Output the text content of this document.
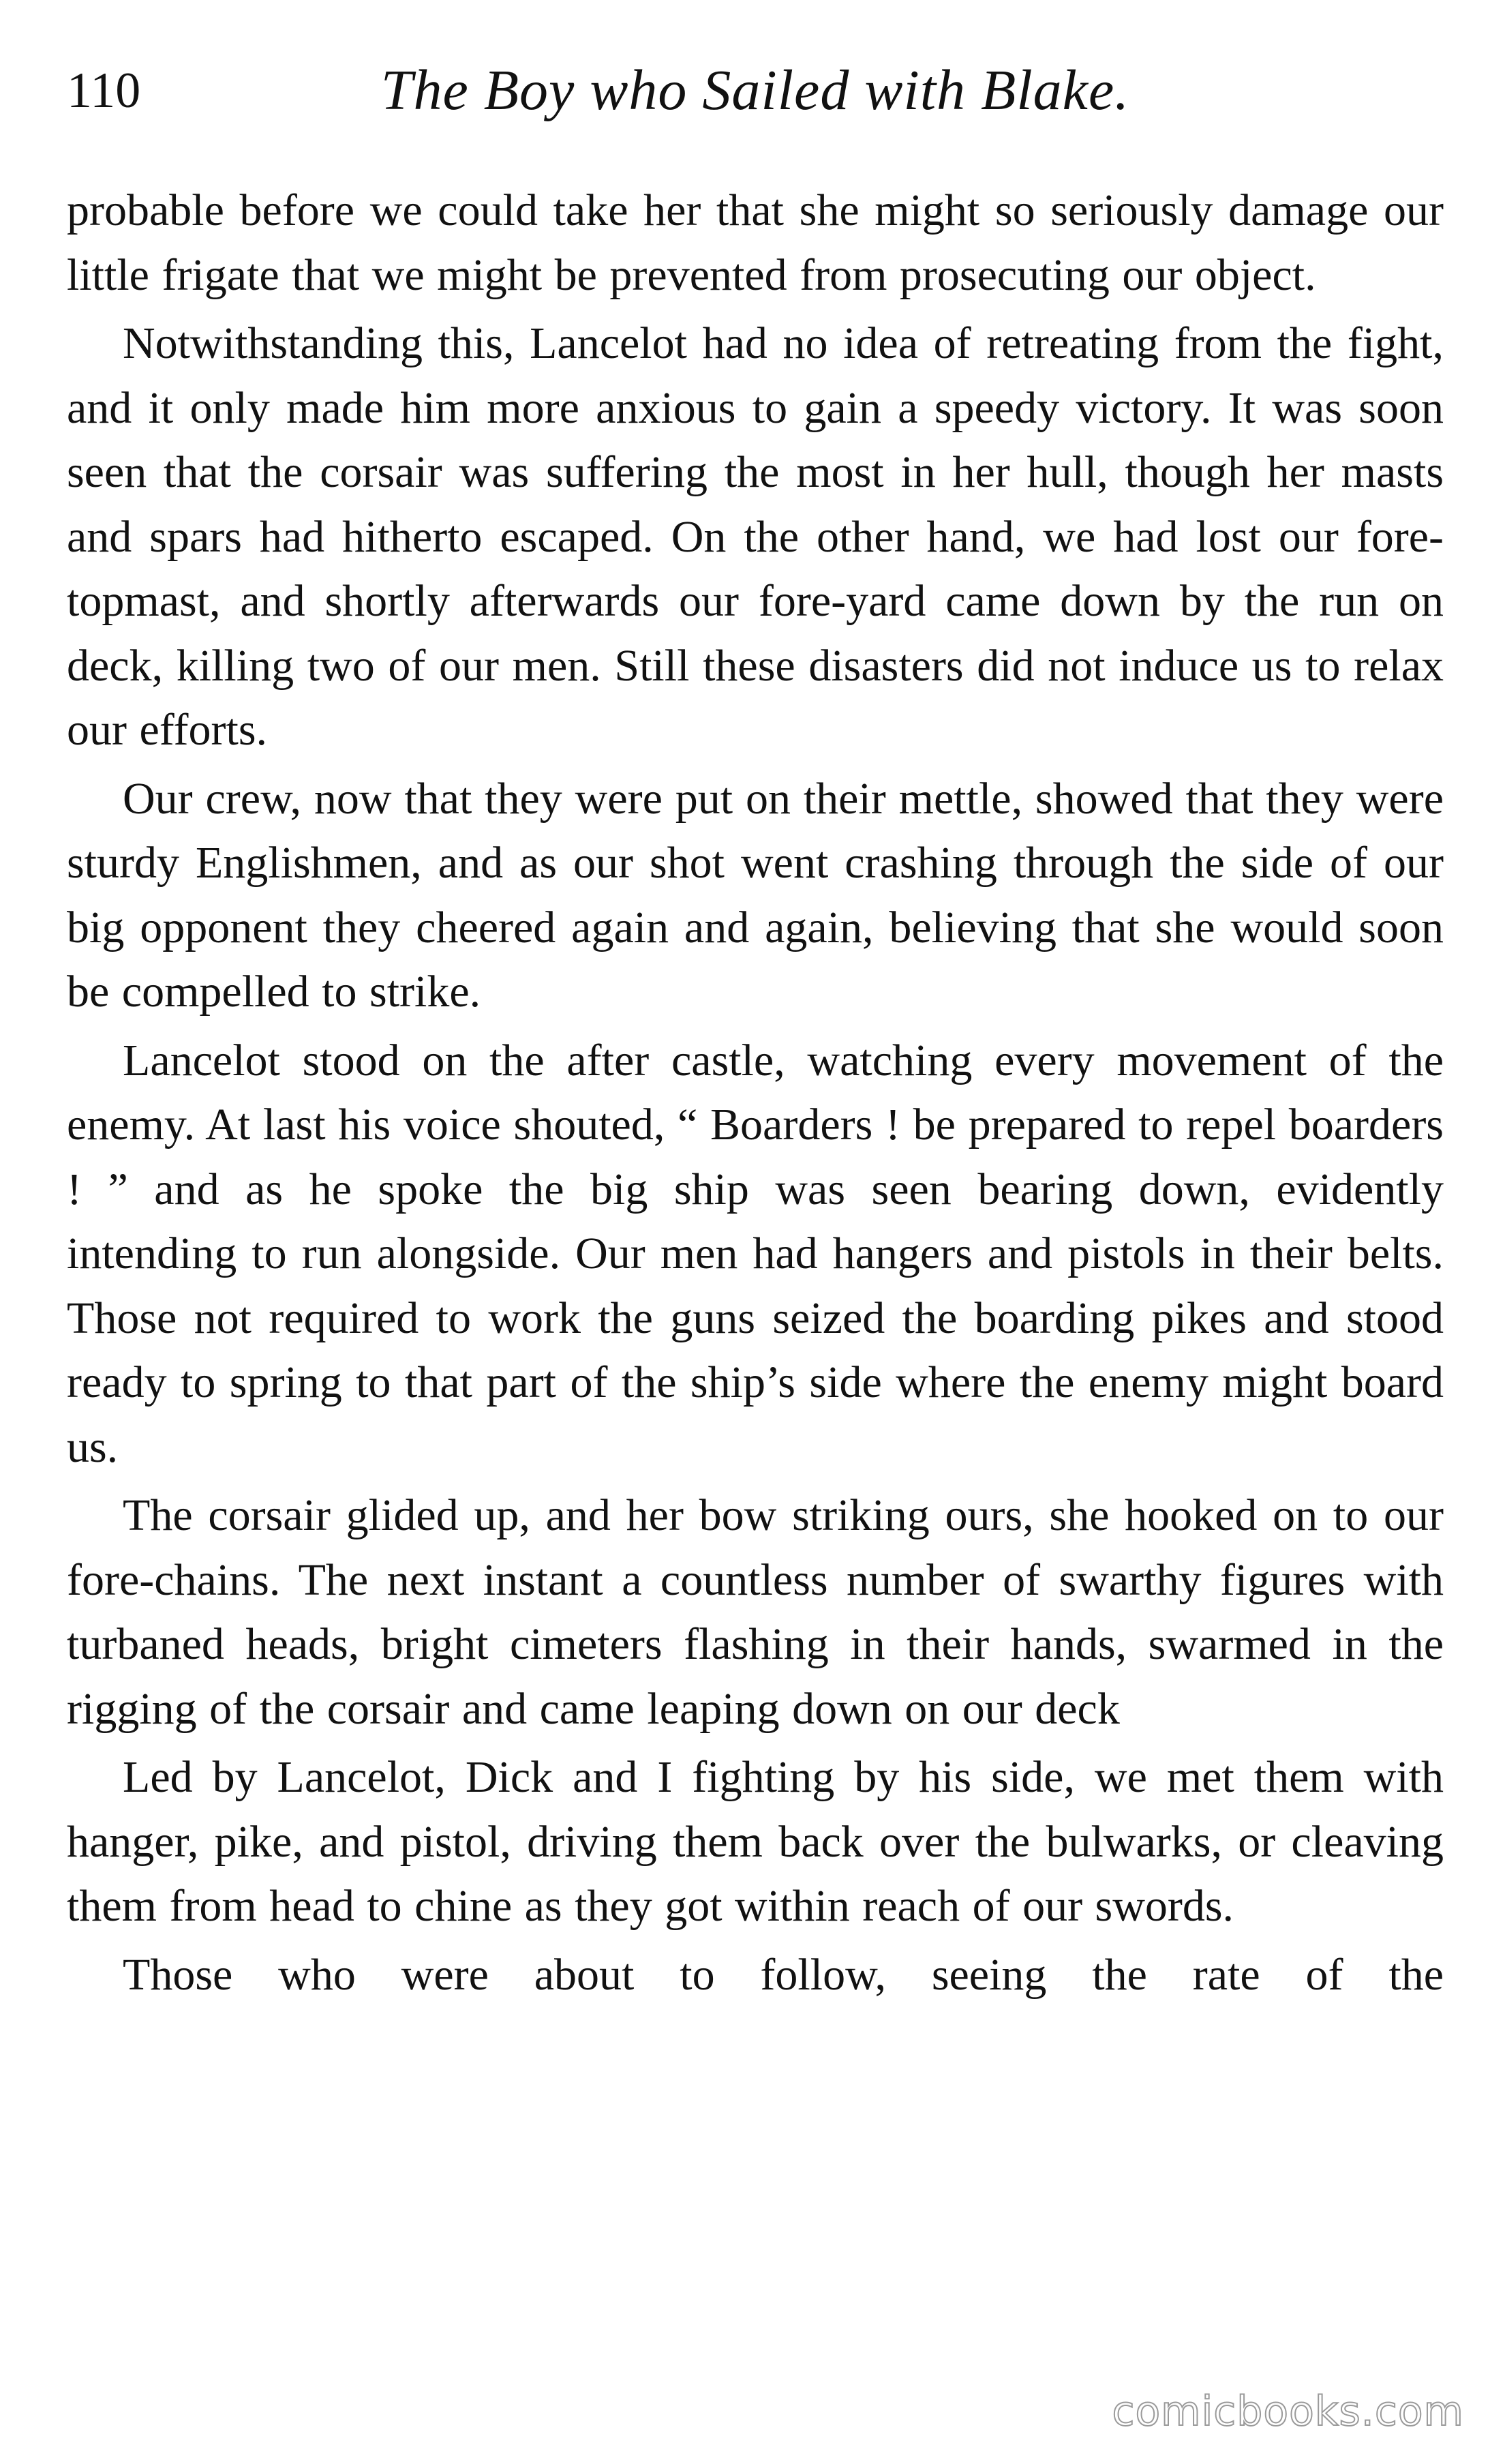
110	The Boy who Sailed with Blake.

probable before we could take her that she might so seriously damage our little frigate that we might be prevented from prosecuting our object.

Notwithstanding this, Lancelot had no idea of retreating from the fight, and it only made him more anxious to gain a speedy victory. It was soon seen that the corsair was suffering the most in her hull, though her masts and spars had hitherto escaped. On the other hand, we had lost our fore-topmast, and shortly afterwards our fore-yard came down by the run on deck, killing two of our men. Still these disasters did not induce us to relax our efforts.

Our crew, now that they were put on their mettle, showed that they were sturdy Englishmen, and as our shot went crashing through the side of our big opponent they cheered again and again, believing that she would soon be compelled to strike.

Lancelot stood on the after castle, watching every movement of the enemy. At last his voice shouted, “ Boarders ! be prepared to repel boarders ! ” and as he spoke the big ship was seen bearing down, evidently intending to run alongside. Our men had hangers and pistols in their belts. Those not required to work the guns seized the boarding pikes and stood ready to spring to that part of the ship’s side where the enemy might board us.

The corsair glided up, and her bow striking ours, she hooked on to our fore-chains. The next instant a countless number of swarthy figures with turbaned heads, bright cimeters flashing in their hands, swarmed in the rigging of the corsair and came leaping down on our deck

Led by Lancelot, Dick and I fighting by his side, we met them with hanger, pike, and pistol, driving them back over the bulwarks, or cleaving them from head to chine as they got within reach of our swords.

Those who were about to follow, seeing the rate of the

comicbooks.com
